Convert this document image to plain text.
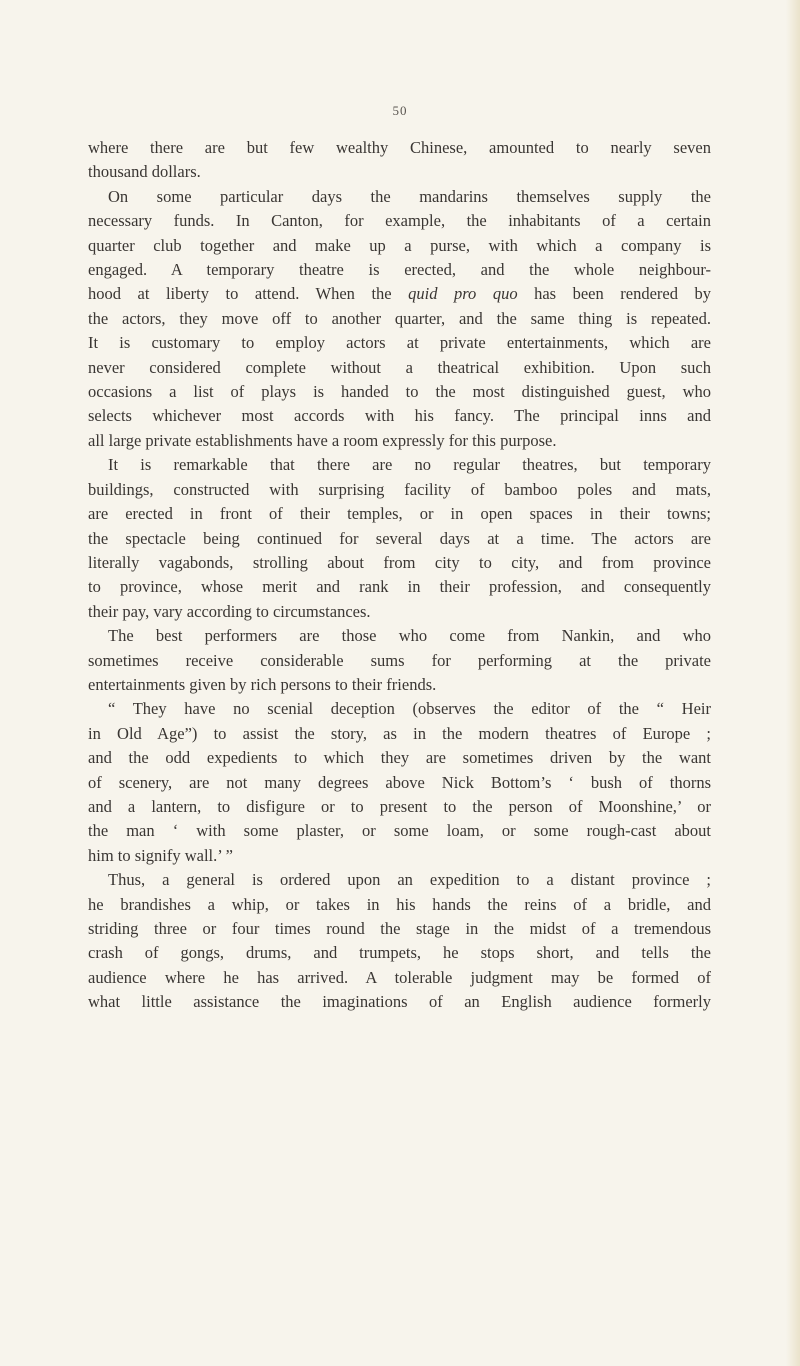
50
where there are but few wealthy Chinese, amounted to nearly seven
thousand dollars.
On some particular days the mandarins themselves supply the
necessary funds. In Canton, for example, the inhabitants of a certain
quarter club together and make up a purse, with which a company is
engaged. A temporary theatre is erected, and the whole neighbour-
hood at liberty to attend. When the quid pro quo has been rendered by
the actors, they move off to another quarter, and the same thing is repeated.
It is customary to employ actors at private entertainments, which are
never considered complete without a theatrical exhibition. Upon such
occasions a list of plays is handed to the most distinguished guest, who
selects whichever most accords with his fancy. The principal inns and
all large private establishments have a room expressly for this purpose.
It is remarkable that there are no regular theatres, but temporary
buildings, constructed with surprising facility of bamboo poles and mats,
are erected in front of their temples, or in open spaces in their towns;
the spectacle being continued for several days at a time. The actors are
literally vagabonds, strolling about from city to city, and from province
to province, whose merit and rank in their profession, and consequently
their pay, vary according to circumstances.
The best performers are those who come from Nankin, and who
sometimes receive considerable sums for performing at the private
entertainments given by rich persons to their friends.
“ They have no scenial deception (observes the editor of the “ Heir
in Old Age”) to assist the story, as in the modern theatres of Europe ;
and the odd expedients to which they are sometimes driven by the want
of scenery, are not many degrees above Nick Bottom’s ‘ bush of thorns
and a lantern, to disfigure or to present to the person of Moonshine,’ or
the man ‘ with some plaster, or some loam, or some rough-cast about
him to signify wall.’ ”
Thus, a general is ordered upon an expedition to a distant province ;
he brandishes a whip, or takes in his hands the reins of a bridle, and
striding three or four times round the stage in the midst of a tremendous
crash of gongs, drums, and trumpets, he stops short, and tells the
audience where he has arrived. A tolerable judgment may be formed of
what little assistance the imaginations of an English audience formerly
